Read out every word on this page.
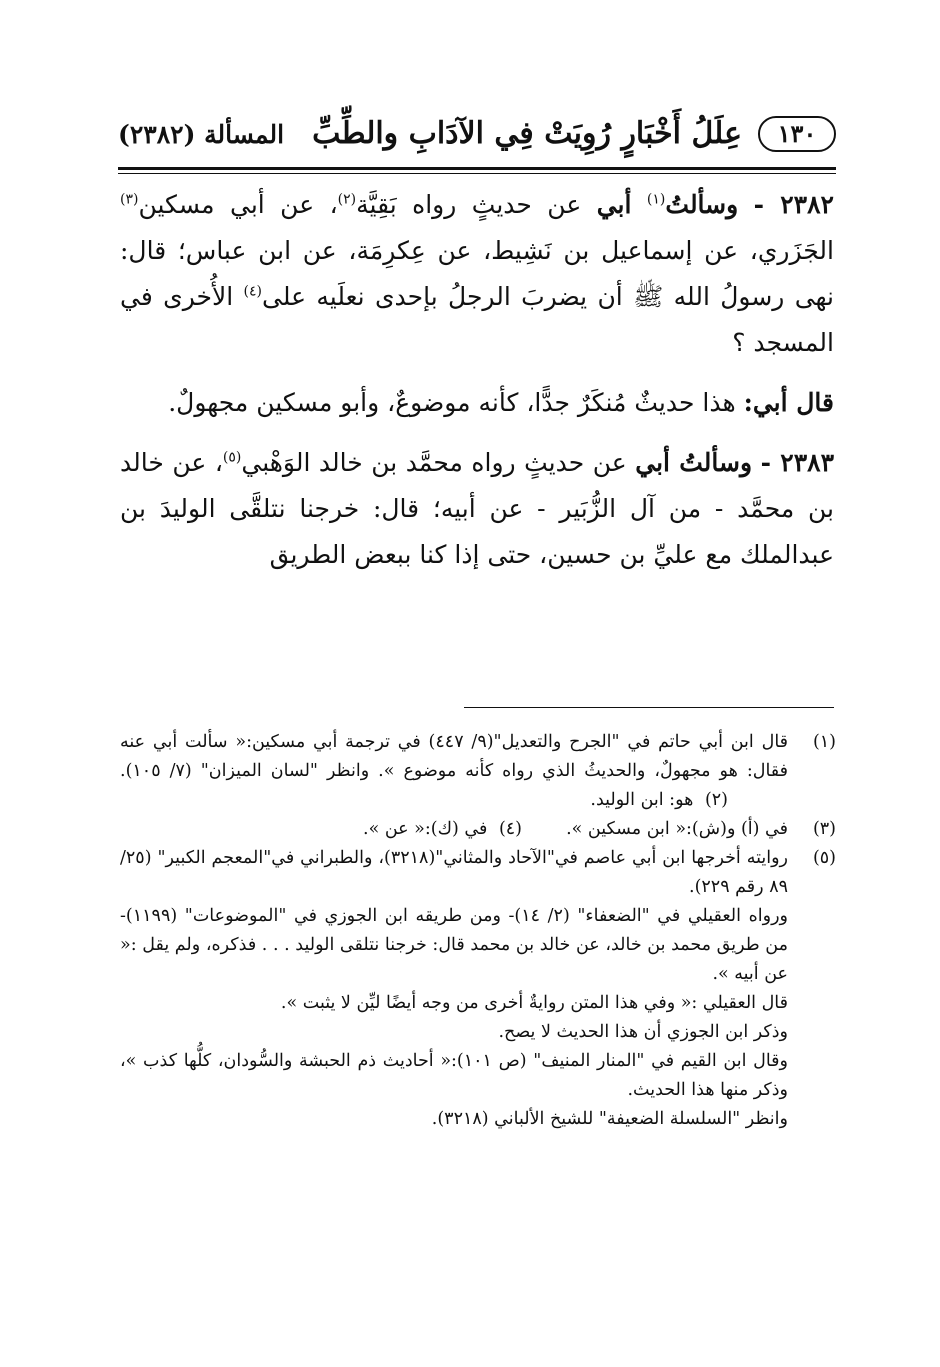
١٣٠
عِلَلُ أَخْبَارٍ رُوِيَتْ فِي الآدَابِ والطِّبِّ
المسألة (٢٣٨٢)

٢٣٨٢ - وسألتُ$^{(١)}$ أبي عن حديثٍ رواه بَقِيَّة$^{(٢)}$، عن أبي مسكين$^{(٣)}$ الجَزَري، عن إسماعيل بن نَشِيط، عن عِكرِمَة، عن ابن عباس؛ قال: نهى رسولُ الله ﷺ أن يضربَ الرجلُ بإحدى نعلَيه على$^{(٤)}$ الأُخرى في المسجد ؟

قال أبي: هذا حديثٌ مُنكَرٌ جدًّا، كأنه موضوعٌ، وأبو مسكين مجهولٌ.

٢٣٨٣ - وسألتُ أبي عن حديثٍ رواه محمَّد بن خالد الوَهْبي$^{(٥)}$، عن خالد بن محمَّد - من آل الزُّبَير - عن أبيه؛ قال: خرجنا نتلقَّى الوليدَ بن عبدالملك مع عليِّ بن حسين، حتى إذا كنا ببعض الطريق

(١)
قال ابن أبي حاتم في "الجرح والتعديل"(٩/ ٤٤٧) في ترجمة أبي مسكين:« سألت أبي عنه فقال: هو مجهولٌ، والحديثُ الذي رواه كأنه موضوع ». وانظر "لسان الميزان" (٧/ ١٠٥). (٢) هو: ابن الوليد.
(٣)
في (أ) و(ش):« ابن مسكين ».
(٤) في (ك):« عن ».
(٥)

روايته أخرجها ابن أبي عاصم في"الآحاد والمثاني"(٣٢١٨)، والطبراني في"المعجم الكبير" (٢٥/ ٨٩ رقم ٢٢٩).

ورواه العقيلي في "الضعفاء" (٢/ ١٤)- ومن طريقه ابن الجوزي في "الموضوعات" (١١٩٩)- من طريق محمد بن خالد، عن خالد بن محمد قال: خرجنا نتلقى الوليد . . . فذكره، ولم يقل :« عن أبيه ».

قال العقيلي :« وفي هذا المتن روايةٌ أخرى من وجه أيضًا ليِّن لا يثبت ».

وذكر ابن الجوزي أن هذا الحديث لا يصح.

وقال ابن القيم في "المنار المنيف" (ص ١٠١):« أحاديث ذم الحبشة والسُّودان، كلُّها كذب »، وذكر منها هذا الحديث.

وانظر "السلسلة الضعيفة" للشيخ الألباني (٣٢١٨).
